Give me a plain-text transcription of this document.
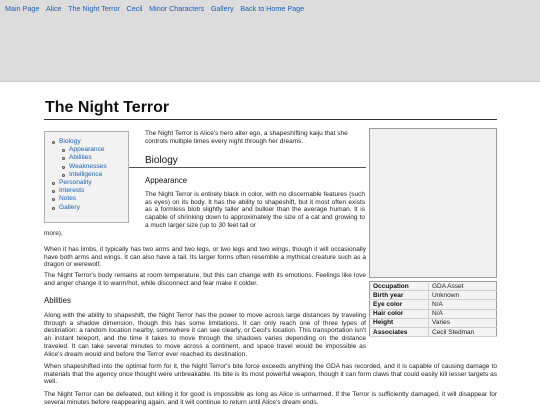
Main Page Alice The Night Terror Cecil Minor Characters Gallery Back to Home Page
The Night Terror
Biology
Appearance
Abilities
Weaknesses
Intelligence
Personality
Interests
Notes
Gallery

The Night Terror is Alice's hero alter ego, a shapeshifting kaiju that she controls multiple times every night through her dreams.

Biology
Appearance

The Night Terror is entirely black in color, with no discernable features (such as eyes) on its body. It has the ability to shapeshift, but it most often exists as a formless blob slightly taller and bulkier than the average human. It is capable of shrinking down to approximately the size of a cat and growing to a much larger size (up to 30 feet tall or

more).

When it has limbs, it typically has two arms and two legs, or two legs and two wings, though it will occasionally have both arms and wings. It can also have a tail. Its larger forms often resemble a mythical creature such as a dragon or werewolf.

The Night Terror's body remains at room temperature, but this can change with its emotions. Feelings like love and anger change it to warm/hot, while disconnect and fear make it colder.

Abilities

Along with the ability to shapeshift, the Night Terror has the power to move across large distances by traveling through a shadow dimension, though this has some limitations. It can only reach one of three types of destination: a random location nearby, somewhere it can see clearly, or Cecil's location. This transportation isn't an instant teleport, and the time it takes to move through the shadows varies depending on the distance traveled. It can take several minutes to move across a continent, and space travel would be impossible as Alice's dream would end before the Terror ever reached its destination.

When shapeshifted into the optimal form for it, the Night Terror's bite force exceeds anything the GDA has recorded, and it is capable of causing damage to materials that the agency once thought were unbreakable. Its bite is its most powerful weapon, though it can form claws that could easily kill lesser targets as well.

The Night Terror can be defeated, but killing it for good is impossible as long as Alice is unharmed. If the Terror is sufficiently damaged, it will disappear for several minutes before reappearing again, and it will continue to return until Alice's dream ends.

Occupation	GDA Asset
Birth year	Unknown
Eye color	N/A
Hair color	N/A
Height	Varies
Associates	Cecil Stedman
